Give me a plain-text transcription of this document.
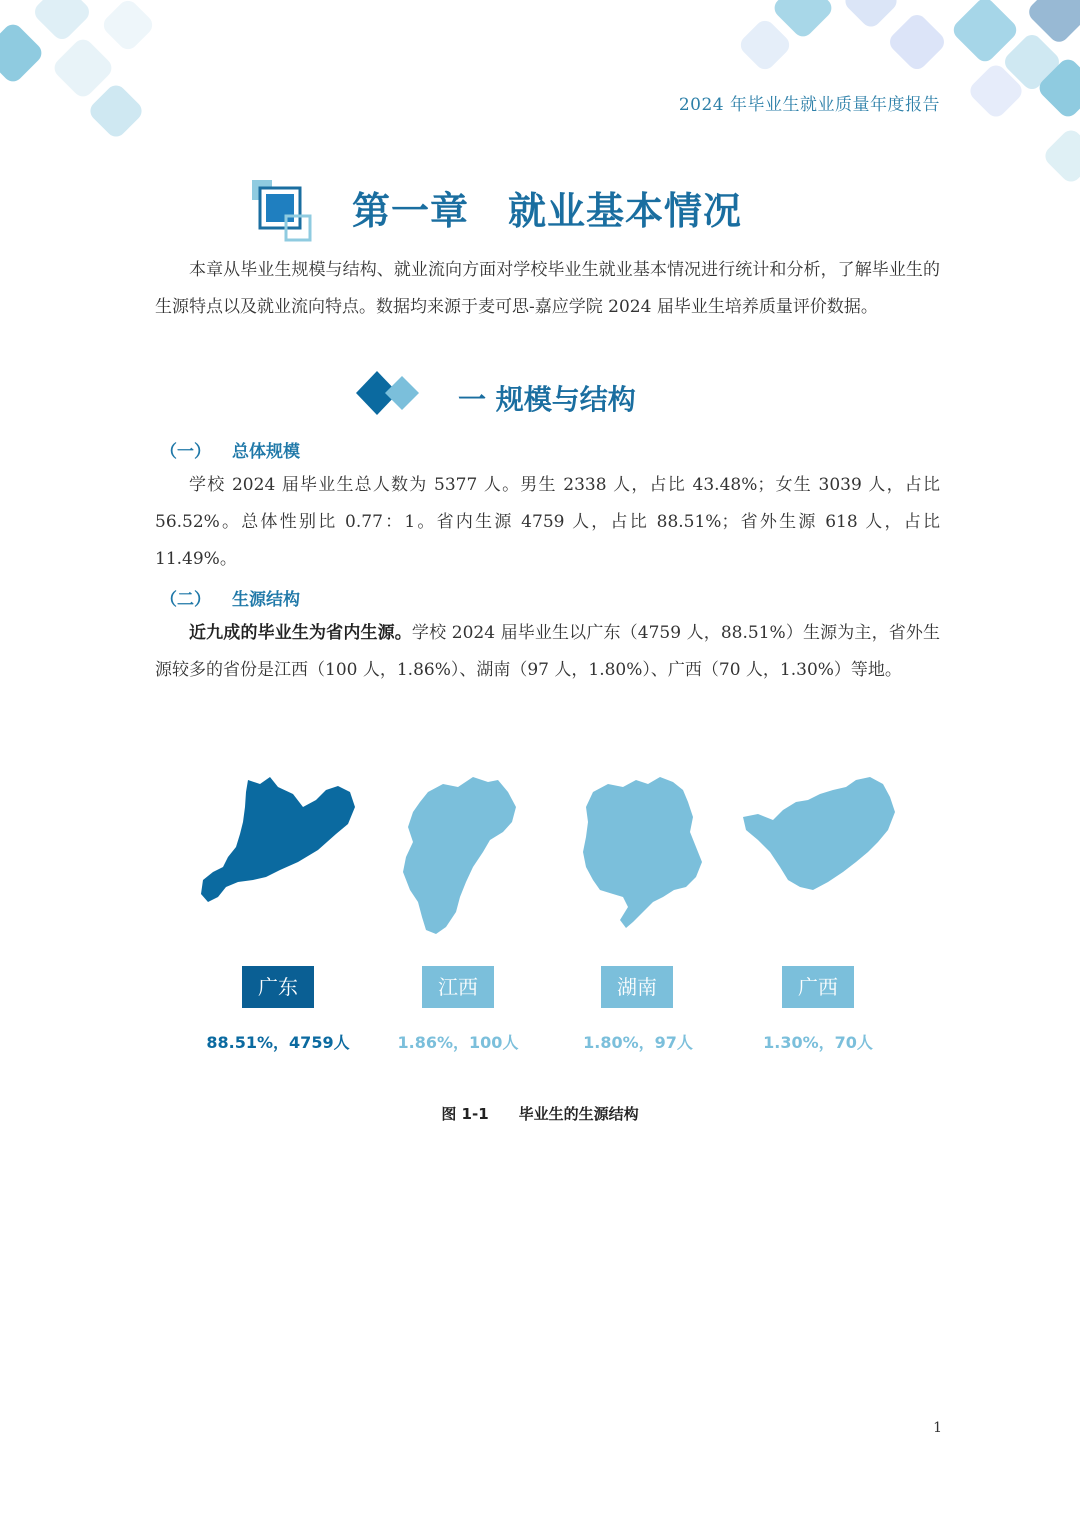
2024 年毕业生就业质量年度报告
第一章　就业基本情况
本章从毕业生规模与结构、就业流向方面对学校毕业生就业基本情况进行统计和分析，了解毕业生的生源特点以及就业流向特点。数据均来源于麦可思-嘉应学院 2024 届毕业生培养质量评价数据。
一 规模与结构
（一） 总体规模
学校 2024 届毕业生总人数为 5377 人。男生 2338 人，占比 43.48%；女生 3039 人，占比 56.52%。总体性别比 0.77：1。省内生源 4759 人，占比 88.51%；省外生源 618 人，占比 11.49%。
（二） 生源结构
近九成的毕业生为省内生源。学校 2024 届毕业生以广东（4759 人，88.51%）生源为主，省外生源较多的省份是江西（100 人，1.86%）、湖南（97 人，1.80%）、广西（70 人，1.30%）等地。
广东	江西	湖南	广西
88.51%，4759人	1.86%，100人	1.80%，97人	1.30%，70人
图 1-1　　毕业生的生源结构
1
